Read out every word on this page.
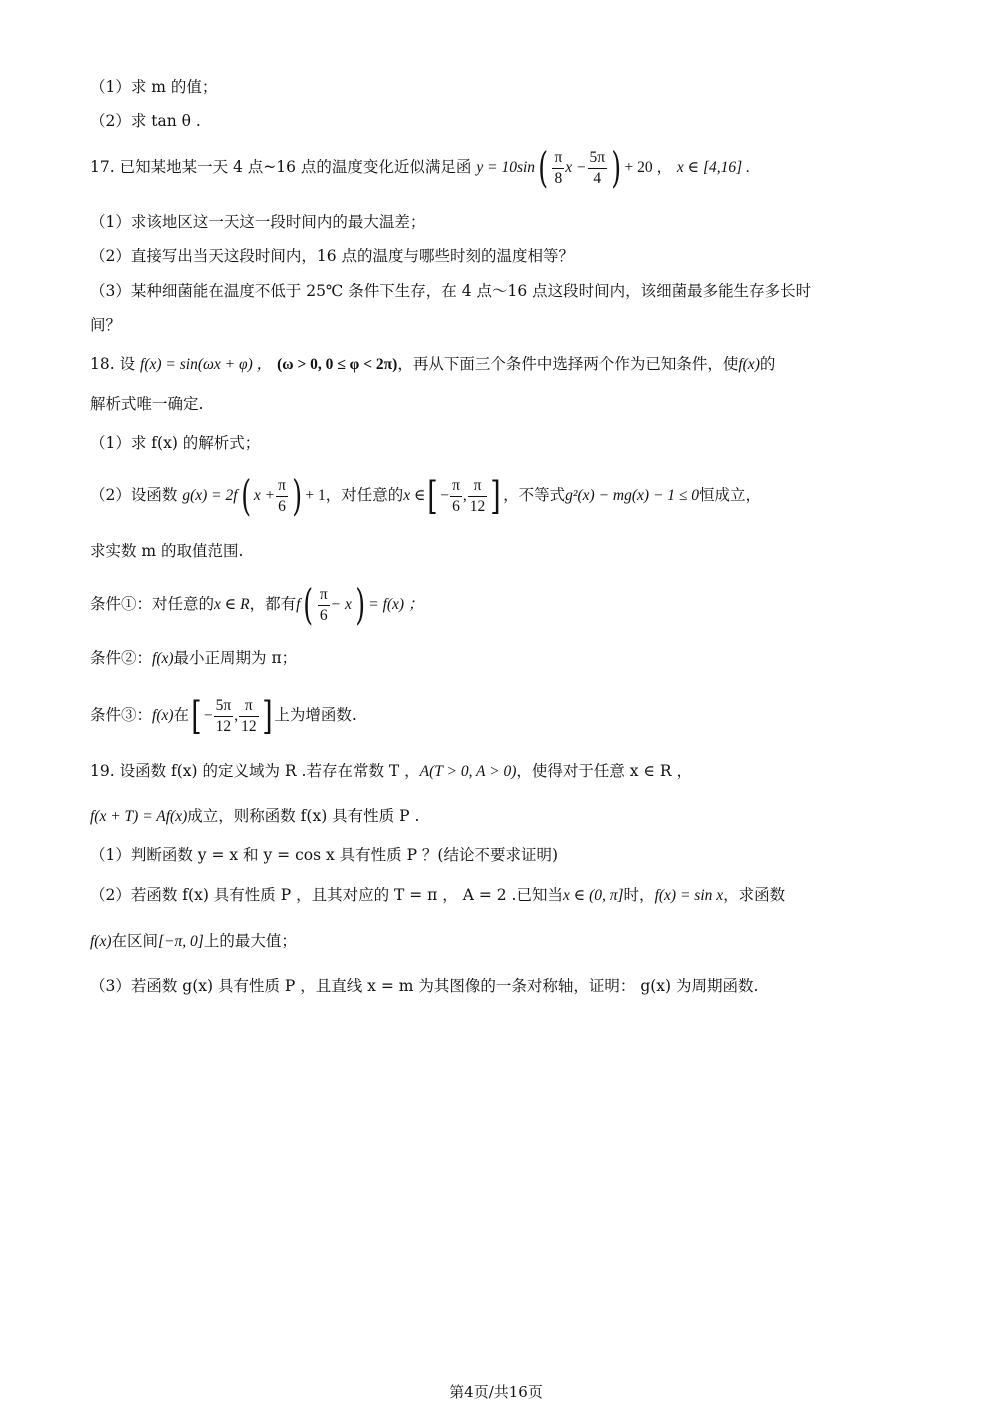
（1）求 m 的值；
（2）求 tan θ .
17. 已知某地某一天 4 点~16 点的温度变化近似满足函 $y = 10\sin( \frac{\pi}{8}$ $x - \frac{5\pi}{4}$ ) + 20 ， x ∈ [4,16] .
（1）求该地区这一天这一段时间内的最大温差；
（2）直接写出当天这段时间内，16 点的温度与哪些时刻的温度相等？
（3）某种细菌能在温度不低于 25℃ 条件下生存，在 4 点～16 点这段时间内，该细菌最多能生存多长时
间？
18. 设 f(x) = sin(ωx + φ) ， (ω > 0, 0 ≤ φ < 2π)，再从下面三个条件中选择两个作为已知条件，使f(x)的
解析式唯一确定.
（1）求 f(x) 的解析式；
（2）设函数 g(x) = 2f( $x + \frac{\pi}{6}$ ) + 1，对任意的x ∈[ − $\frac{\pi}{6}$ , $\frac{\pi}{12}$ ] ，不等式g²(x) − mg(x) − 1 ≤ 0恒成立，
求实数 m 的取值范围.
条件①：对任意的x ∈ R，都有$f( \frac{\pi}{6} - x) = f(x)$ ；
条件②：f(x)最小正周期为 π；
条件③：f(x)在[ − $\frac{5\pi}{12}$ , $\frac{\pi}{12}$ ] 上为增函数.
19. 设函数 f(x) 的定义域为 R .若存在常数 T ，A(T > 0, A > 0)，使得对于任意 x ∈ R ，
f(x + T) = Af(x)成立，则称函数 f(x) 具有性质 P .
（1）判断函数 y = x 和 y = cos x 具有性质 P ？(结论不要求证明)
（2）若函数 f(x) 具有性质 P ，且其对应的 T = π ， A = 2 .已知当x ∈ (0, π]时，f(x) = sin x，求函数
f(x)在区间[−π, 0]上的最大值；
（3）若函数 g(x) 具有性质 P ，且直线 x = m 为其图像的一条对称轴，证明： g(x) 为周期函数.
第4页/共16页
